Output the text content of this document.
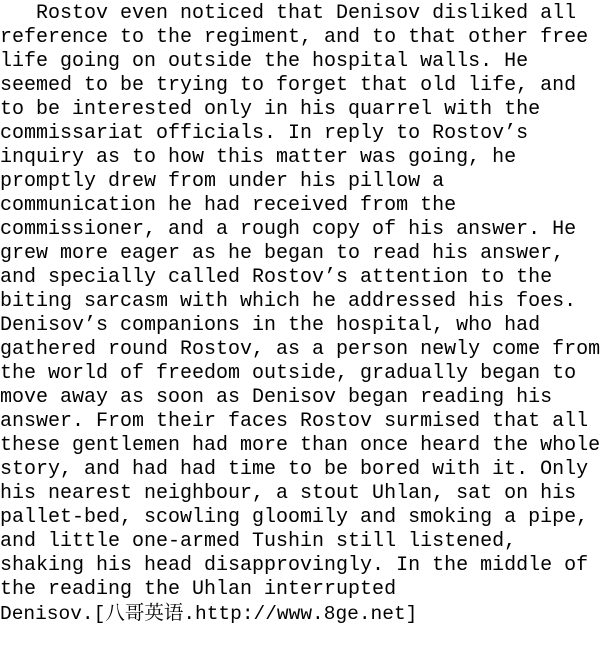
Rostov even noticed that Denisov disliked all
reference to the regiment, and to that other free
life going on outside the hospital walls. He
seemed to be trying to forget that old life, and
to be interested only in his quarrel with the
commissariat officials. In reply to Rostov’s
inquiry as to how this matter was going, he
promptly drew from under his pillow a
communication he had received from the
commissioner, and a rough copy of his answer. He
grew more eager as he began to read his answer,
and specially called Rostov’s attention to the
biting sarcasm with which he addressed his foes.
Denisov’s companions in the hospital, who had
gathered round Rostov, as a person newly come from
the world of freedom outside, gradually began to
move away as soon as Denisov began reading his
answer. From their faces Rostov surmised that all
these gentlemen had more than once heard the whole
story, and had had time to be bored with it. Only
his nearest neighbour, a stout Uhlan, sat on his
pallet-bed, scowling gloomily and smoking a pipe,
and little one-armed Tushin still listened,
shaking his head disapprovingly. In the middle of
the reading the Uhlan interrupted
Denisov.[八哥英语.http://www.8ge.net]
